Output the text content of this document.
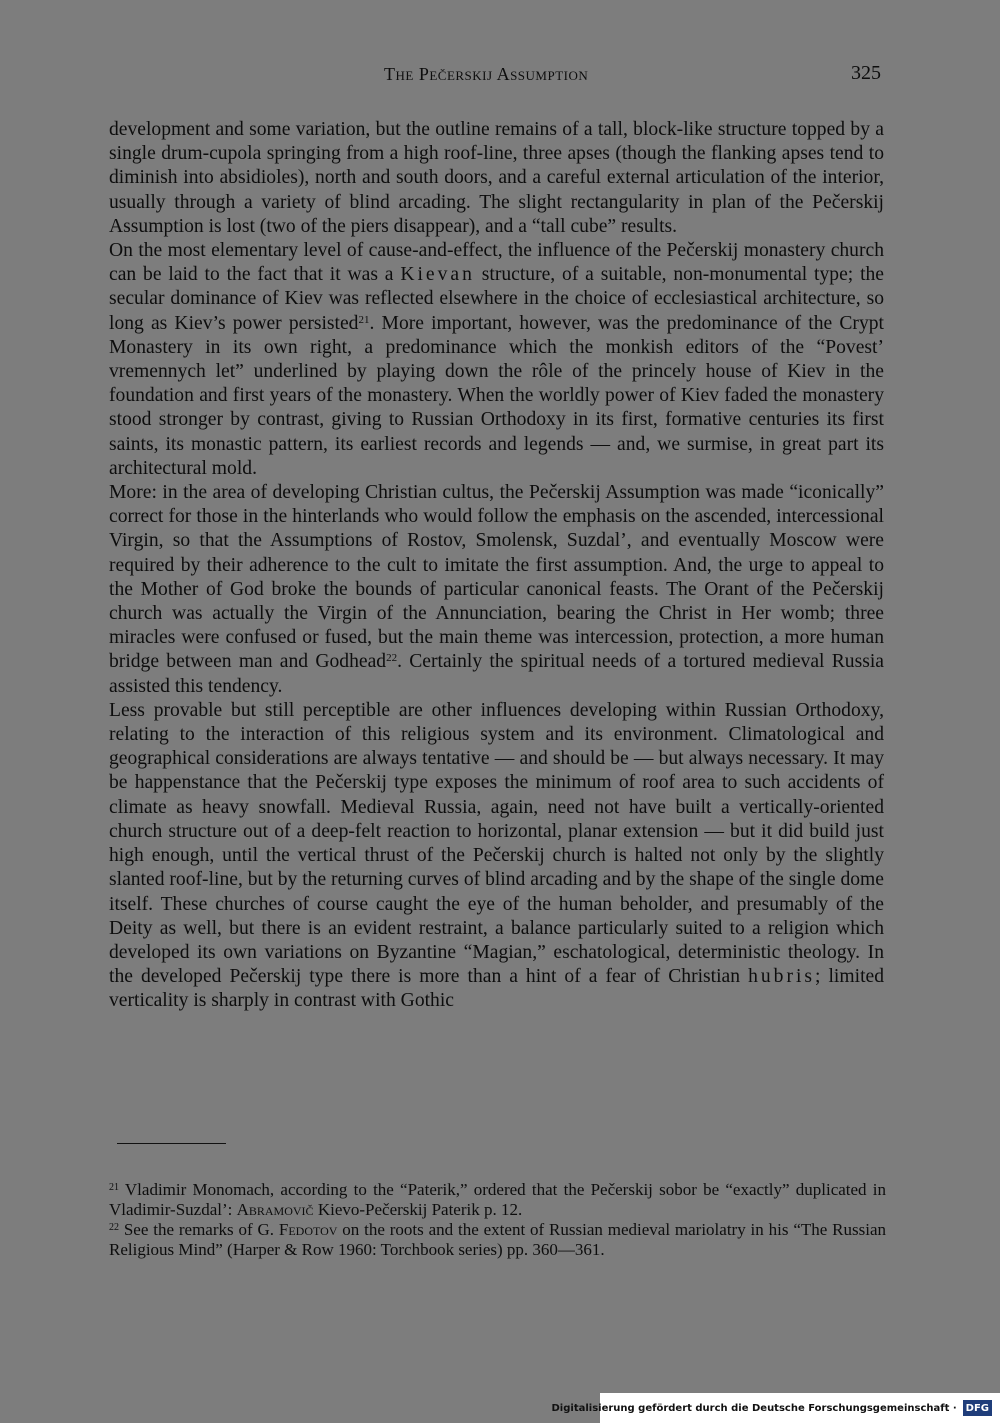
The Pečerskij Assumption	325

development and some variation, but the outline remains of a tall, block-like structure topped by a single drum-cupola springing from a high roof-line, three apses (though the flanking apses tend to diminish into absidioles), north and south doors, and a careful external articulation of the interior, usually through a variety of blind arcading. The slight rectangularity in plan of the Pečerskij Assumption is lost (two of the piers disappear), and a “tall cube” results.

On the most elementary level of cause-and-effect, the influence of the Pečerskij monastery church can be laid to the fact that it was a Kievan structure, of a suitable, non-monumental type; the secular dominance of Kiev was reflected elsewhere in the choice of ecclesiastical architecture, so long as Kiev’s power persisted$^{21}$. More important, however, was the predominance of the Crypt Monastery in its own right, a predominance which the monkish editors of the “Povest’ vremennych let” underlined by playing down the rôle of the princely house of Kiev in the foundation and first years of the monastery. When the worldly power of Kiev faded the monastery stood stronger by contrast, giving to Russian Orthodoxy in its first, formative centuries its first saints, its monastic pattern, its earliest records and legends — and, we surmise, in great part its architectural mold.

More: in the area of developing Christian cultus, the Pečerskij Assumption was made “iconically” correct for those in the hinterlands who would follow the emphasis on the ascended, intercessional Virgin, so that the Assumptions of Rostov, Smolensk, Suzdal’, and eventually Moscow were required by their adherence to the cult to imitate the first assumption. And, the urge to appeal to the Mother of God broke the bounds of particular canonical feasts. The Orant of the Pečerskij church was actually the Virgin of the Annunciation, bearing the Christ in Her womb; three miracles were confused or fused, but the main theme was intercession, protection, a more human bridge between man and Godhead$^{22}$. Certainly the spiritual needs of a tortured medieval Russia assisted this tendency.

Less provable but still perceptible are other influences developing within Russian Orthodoxy, relating to the interaction of this religious system and its environment. Climatological and geographical considerations are always tentative — and should be — but always necessary. It may be happenstance that the Pečerskij type exposes the minimum of roof area to such accidents of climate as heavy snowfall. Medieval Russia, again, need not have built a vertically-oriented church structure out of a deep-felt reaction to horizontal, planar extension — but it did build just high enough, until the vertical thrust of the Pečerskij church is halted not only by the slightly slanted roof-line, but by the returning curves of blind arcading and by the shape of the single dome itself. These churches of course caught the eye of the human beholder, and presumably of the Deity as well, but there is an evident restraint, a balance particularly suited to a religion which developed its own variations on Byzantine “Magian,” eschatological, deterministic theology. In the developed Pečerskij type there is more than a hint of a fear of Christian hubris; limited verticality is sharply in contrast with Gothic

$^{21}$ Vladimir Monomach, according to the “Paterik,” ordered that the Pečerskij sobor be “exactly” duplicated in Vladimir-Suzdal’: Abramovič Kievo-Pečerskij Paterik p. 12.

$^{22}$ See the remarks of G. Fedotov on the roots and the extent of Russian medieval mariolatry in his “The Russian Religious Mind” (Harper & Row 1960: Torchbook series) pp. 360—361.

Digitalisierung gefördert durch die Deutsche Forschungsgemeinschaft · DFG
